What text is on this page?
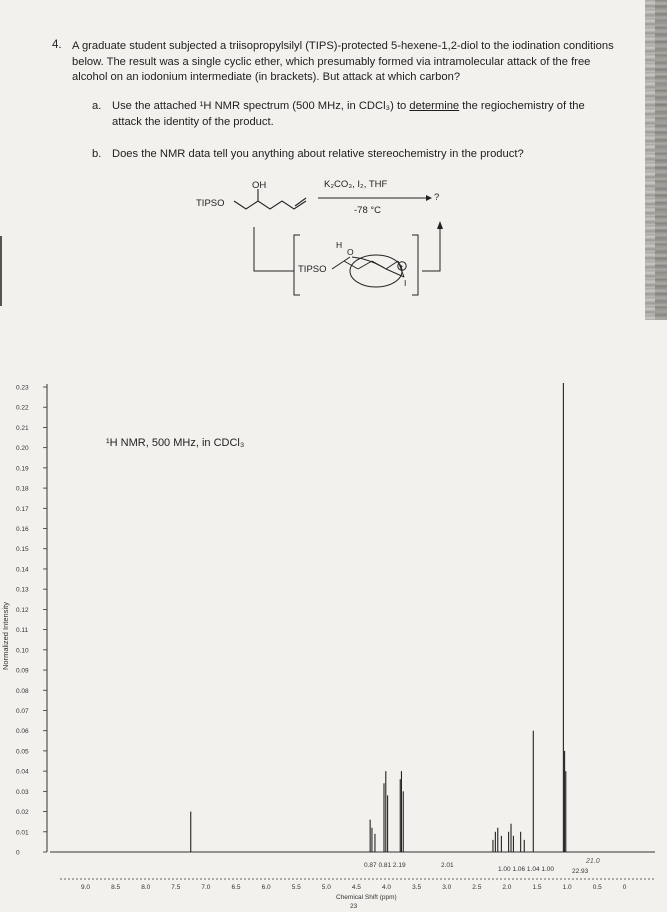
4. A graduate student subjected a triisopropylsilyl (TIPS)-protected 5-hexene-1,2-diol to the iodination conditions below. The result was a single cyclic ether, which presumably formed via intramolecular attack of the free alcohol on an iodonium intermediate (in brackets). But attack at which carbon?
a. Use the attached ¹H NMR spectrum (500 MHz, in CDCl₃) to determine the regiochemistry of the attack the identity of the product.
b. Does the NMR data tell you anything about relative stereochemistry in the product?
OH
TIPSO
K₂CO₃, I₂, THF
-78 °C
?
TIPSO
H
O
I
+
0.23
0.22
0.21
0.20
0.19
0.18
0.17
0.16
0.15
0.14
0.13
0.12
0.11
0.10
0.09
0.08
0.07
0.06
0.05
0.04
0.03
0.02
0.01
0
Normalized Intensity
¹H NMR, 500 MHz, in CDCl₃
0.87 0.81 2.19	2.01
1.00 1.06 1.04 1.00	22.93
21.0
9.0	8.5	8.0	7.5	7.0	6.5	6.0	5.5	5.0	4.5	4.0	3.5	3.0	2.5	2.0	1.5	1.0	0.5	0
Chemical Shift (ppm)
23
